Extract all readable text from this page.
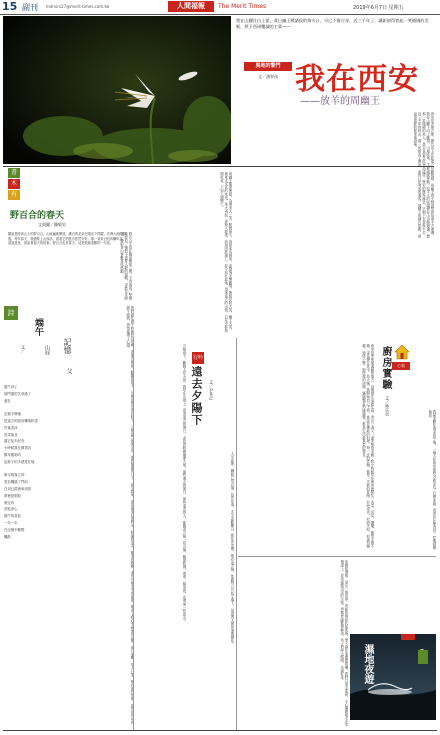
15 副刊 mdnsrv27@merit-times.com.tw	人間福報	The Merit Times	2019年6月7日 星期五
我在山腳住山上望，責日幽王戲諸侯的烽火台，早已不復可尋，近三千年了，讓鉅卻得育起一笑傾國的美姬，烘下西周覆滅的主責——
異地的警門
文／潘智孩 我在西安
——放羊的周幽王
西安是多朝古都，歷代帝王於此建立宮殿陵寢，周幽王烽火戲諸侯的故事千古流傳。我在山腳下向上眺望，山風吹來，羊群緩緩移動，牧羊人的吆喝聲在山谷間迴盪。想那一笑傾國的美人，是否也曾在此登高遠望。歷史的塵埃落定，只剩下荒草與牛羊。近三千年的時光，讓一切都成了傳說，而我只是匆匆的過客。城牆上的磚石依舊，訴說著曾經的繁華與衰落。
周幽王寵愛褒姒，為博美人一笑，點燃烽火，諸侯率兵趕來，卻發現並無敵情。褒姒見狀大笑，幽王大喜。後來犬戎真的來犯，烽火再起，卻無人救援，西周因此滅亡。如今站在此地，望著遠方的山巒，只見羊群悠閒吃草，不知人間興亡。
書
木
有
野百合的春天
文與圖／陳敏男
聽說是時高山上的野百合，山區遍地開放，潔白的花朵在陽光下閃耀，彷彿大地的精靈。每年春天，我總要上山探訪，看看它們是否依然安好。那一朵朵白色的喇叭花，迎風搖曳，訴說著春天的故事。野百合也有春天，這是我最喜歡的一句話。	野百合生長在懸崖峭壁之間，不畏風雨，堅強地綻放。牠們不需要人類的照顧，卻能年年開花，帶給登山客驚喜與感動。
詩
端午
文／	山屁 記憶
父
端午到了
那門邊的艾草綠了
還在

記憶卡牌落
從遠方的廚房飄來粽香
竹葉香淡
洗菜菊韭
讓它化年紀長
小時候我在雜貨店
幫母親剁肉
包粽子的手總是忙碌

單木相靠立即
雲彩飄過了門前
在切已經流來到的
夢裡是明如
剁完肉
洗乾淨心
端午的香氣
一年一年
在記憶中輕輕
飄散	我們總在端午時節回到故鄉，看龍舟競渡，聽鑼鼓喧天。母親在廚房裡包粽子，父親在門前插艾草。那些簡單的日子，如今想來，竟是最美好的時光。粽葉的清香，糯米的軟糯，還有母親手中的溫度，都成了我心中最深的記憶。歲月流轉，故人已遠，唯有那份情懷，依然在每年的端午時節，悄悄地湧上心頭。
行吟
遠去夕陽下 文／尹其正
夕陽西下，斷腸人在天涯。我站在山崗上，看著遠方的落日，金色的餘暉灑滿大地。那些逝去的歲月，那些遠去的人，都隨著夕陽一同沉落。晚風吹拂，帶來一絲涼意，也帶來一些思念。	人生如夢，轉眼已是白頭。回首往事，多少悲歡離合，都化作雲煙。唯有這夕陽，依舊每日升起又落下，見證著人間的滄桑變化。
心家
廚房實驗
文／林宗貞
廚房是家裡最溫暖的地方。母親總在這裡忙碌，煮出一道又一道美味的菜餚。我小時候常在廚房裡幫忙，洗菜、切菜、擺盤，雖然手藝不精，卻也樂在其中。長大後，我開始自己下廚，嘗試各種新的料理。每一次的實驗，都是一次新的冒險。有時成功，有時失敗，但那份樂趣，始終不變。廚房裡的油煙，鍋碗瓢盆的碰撞聲，都是生活最真實的聲音。
我最喜歡在週末的午後，一個人在廚房裡研究新菜色。打開冰箱，看看有什麼食材，然後發揮創意。
夜晚的濕地，是另一個世界。青蛙的鳴叫此起彼落，螢火蟲在草叢間閃爍。我們打著手電筒，小心翼翼地走在木棧道上，尋找夜間出沒的生物。導覽老師輕聲解說，孩子們睜大眼睛，充滿好奇。	濕地夜遊
